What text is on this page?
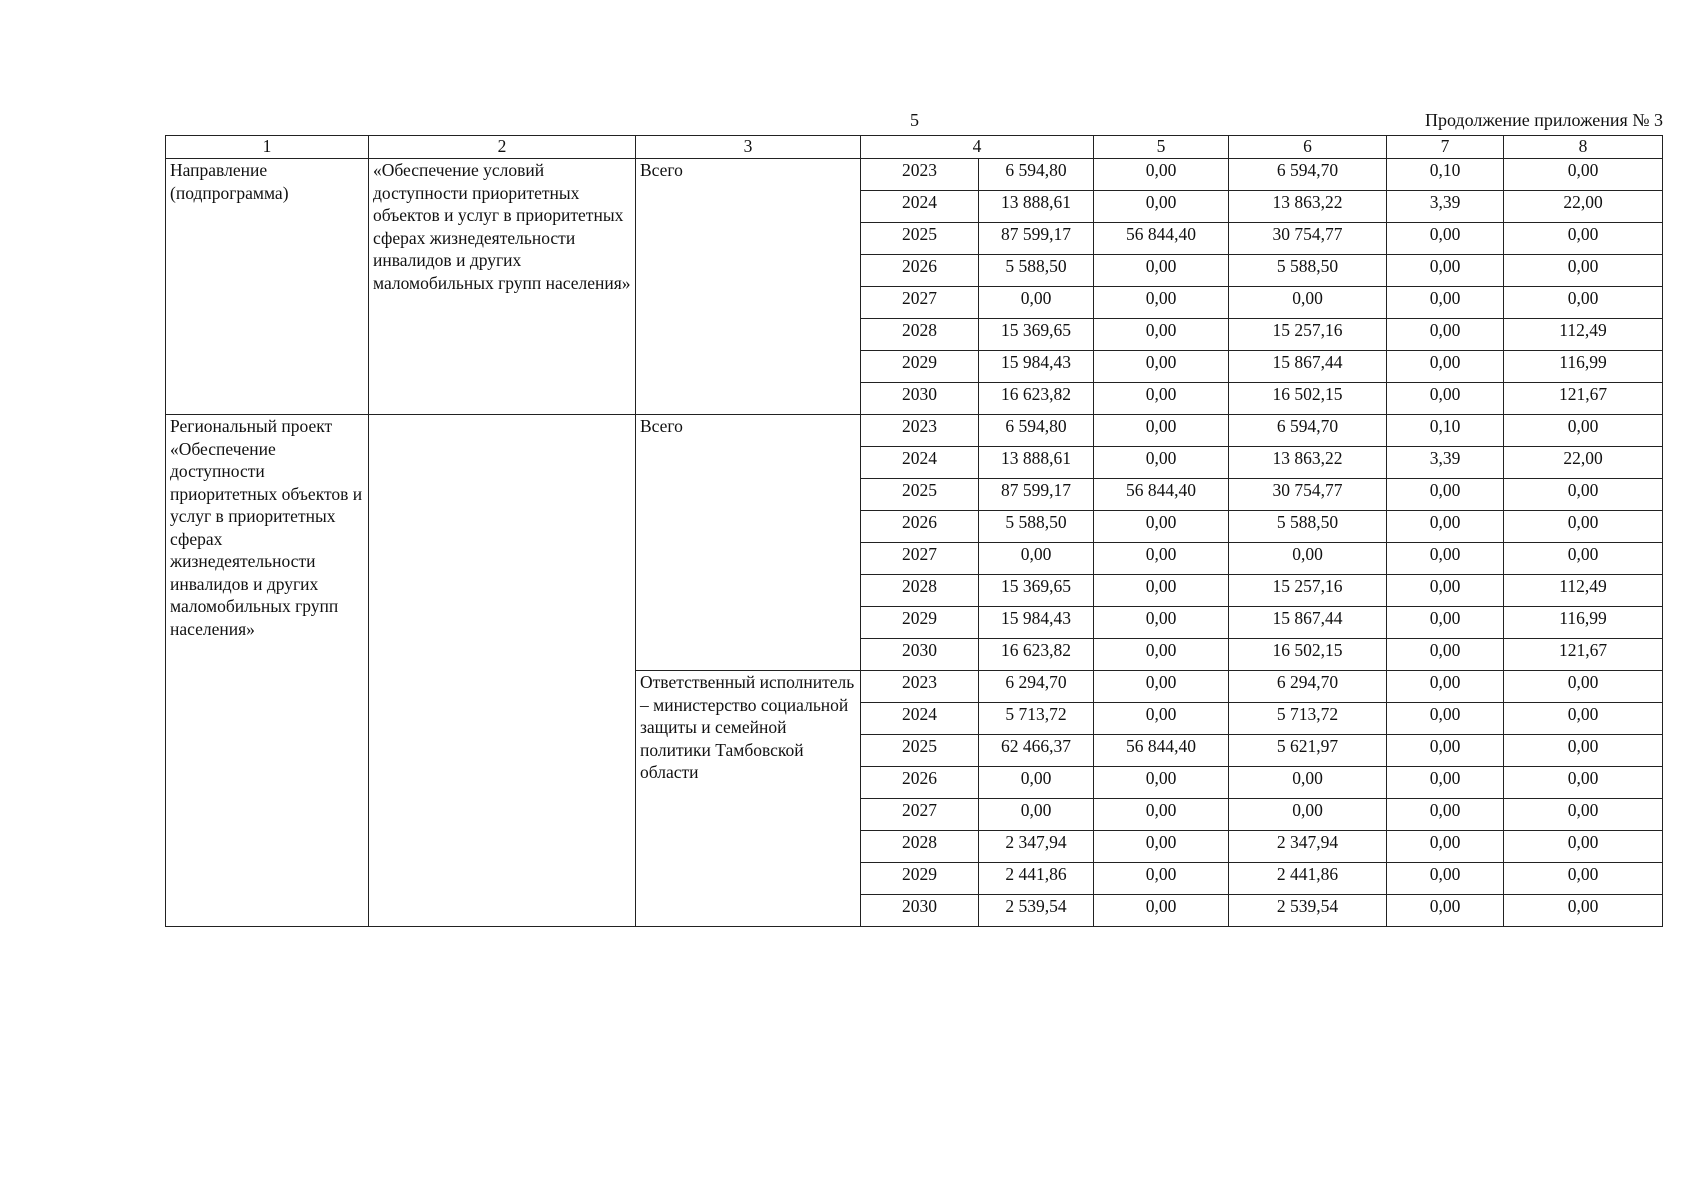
5	Продолжение приложения № 3
1	2	3	4		5	6	7	8
Направление (подпрограмма)	«Обеспечение условий доступности приоритетных объектов и услуг в приоритетных сферах жизнедеятельности инвалидов и других маломобильных групп населения»	Всего	2023	6 594,80	0,00	6 594,70	0,10	0,00
			2024	13 888,61	0,00	13 863,22	3,39	22,00
			2025	87 599,17	56 844,40	30 754,77	0,00	0,00
			2026	5 588,50	0,00	5 588,50	0,00	0,00
			2027	0,00	0,00	0,00	0,00	0,00
			2028	15 369,65	0,00	15 257,16	0,00	112,49
			2029	15 984,43	0,00	15 867,44	0,00	116,99
			2030	16 623,82	0,00	16 502,15	0,00	121,67
Региональный проект «Обеспечение доступности приоритетных объектов и услуг в приоритетных сферах жизнедеятельности инвалидов и других маломобильных групп населения»		Всего	2023	6 594,80	0,00	6 594,70	0,10	0,00
			2024	13 888,61	0,00	13 863,22	3,39	22,00
			2025	87 599,17	56 844,40	30 754,77	0,00	0,00
			2026	5 588,50	0,00	5 588,50	0,00	0,00
			2027	0,00	0,00	0,00	0,00	0,00
			2028	15 369,65	0,00	15 257,16	0,00	112,49
			2029	15 984,43	0,00	15 867,44	0,00	116,99
			2030	16 623,82	0,00	16 502,15	0,00	121,67
		Ответственный исполнитель – министерство социальной защиты и семейной политики Тамбовской области	2023	6 294,70	0,00	6 294,70	0,00	0,00
			2024	5 713,72	0,00	5 713,72	0,00	0,00
			2025	62 466,37	56 844,40	5 621,97	0,00	0,00
			2026	0,00	0,00	0,00	0,00	0,00
			2027	0,00	0,00	0,00	0,00	0,00
			2028	2 347,94	0,00	2 347,94	0,00	0,00
			2029	2 441,86	0,00	2 441,86	0,00	0,00
			2030	2 539,54	0,00	2 539,54	0,00	0,00
